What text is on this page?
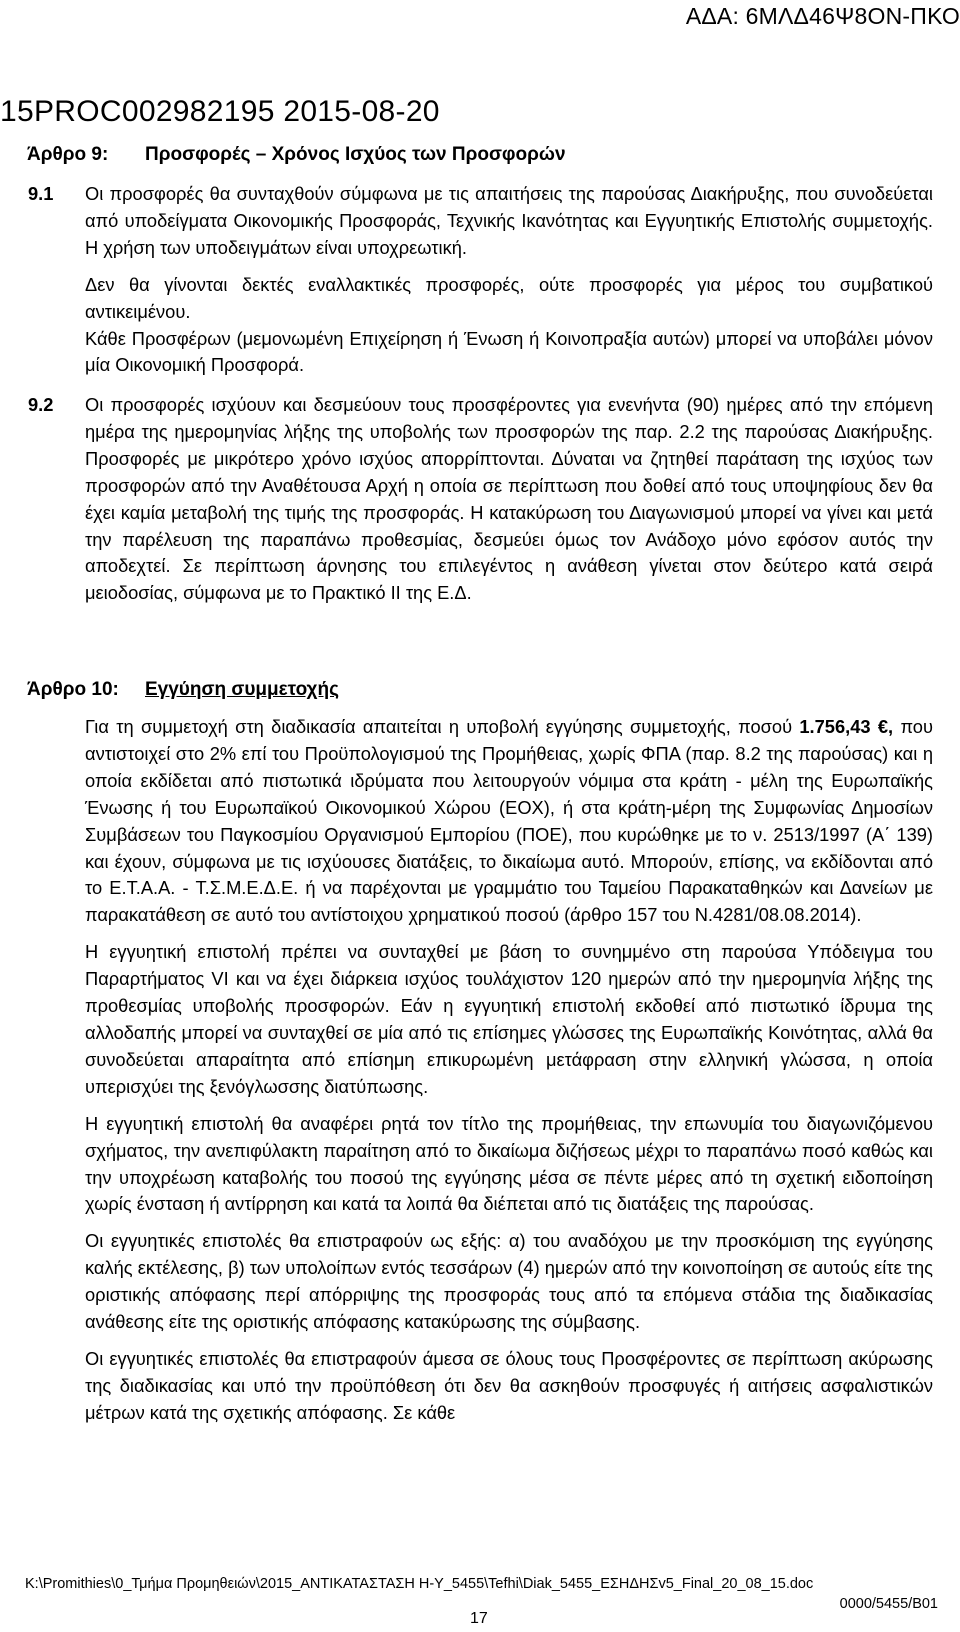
ΑΔΑ: 6ΜΛΔ46Ψ8ΟΝ-ΠΚΟ
15PROC002982195 2015-08-20
Άρθρο 9: Προσφορές – Χρόνος Ισχύος των Προσφορών
9.1 Οι προσφορές θα συνταχθούν σύμφωνα με τις απαιτήσεις της παρούσας Διακήρυξης, που συνοδεύεται από υποδείγματα Οικονομικής Προσφοράς, Τεχνικής Ικανότητας και Εγγυητικής Επιστολής συμμετοχής. Η χρήση των υποδειγμάτων είναι υποχρεωτική.

Δεν θα γίνονται δεκτές εναλλακτικές προσφορές, ούτε προσφορές για μέρος του συμβατικού αντικειμένου.

Κάθε Προσφέρων (μεμονωμένη Επιχείρηση ή Ένωση ή Κοινοπραξία αυτών) μπορεί να υποβάλει μόνον μία Οικονομική Προσφορά.

9.2 Οι προσφορές ισχύουν και δεσμεύουν τους προσφέροντες για ενενήντα (90) ημέρες από την επόμενη ημέρα της ημερομηνίας λήξης της υποβολής των προσφορών της παρ. 2.2 της παρούσας Διακήρυξης. Προσφορές με μικρότερο χρόνο ισχύος απορρίπτονται. Δύναται να ζητηθεί παράταση της ισχύος των προσφορών από την Αναθέτουσα Αρχή η οποία σε περίπτωση που δοθεί από τους υποψηφίους δεν θα έχει καμία μεταβολή της τιμής της προσφοράς. Η κατακύρωση του Διαγωνισμού μπορεί να γίνει και μετά την παρέλευση της παραπάνω προθεσμίας, δεσμεύει όμως τον Ανάδοχο μόνο εφόσον αυτός την αποδεχτεί. Σε περίπτωση άρνησης του επιλεγέντος η ανάθεση γίνεται στον δεύτερο κατά σειρά μειοδοσίας, σύμφωνα με το Πρακτικό ΙΙ της Ε.Δ.

Άρθρο 10: Εγγύηση συμμετοχής

Για τη συμμετοχή στη διαδικασία απαιτείται η υποβολή εγγύησης συμμετοχής, ποσού 1.756,43 €, που αντιστοιχεί στο 2% επί του Προϋπολογισμού της Προμήθειας, χωρίς ΦΠΑ (παρ. 8.2 της παρούσας) και η οποία εκδίδεται από πιστωτικά ιδρύματα που λειτουργούν νόμιμα στα κράτη - μέλη της Ευρωπαϊκής Ένωσης ή του Ευρωπαϊκού Οικονομικού Χώρου (ΕΟΧ), ή στα κράτη-μέρη της Συμφωνίας Δημοσίων Συμβάσεων του Παγκοσμίου Οργανισμού Εμπορίου (ΠΟΕ), που κυρώθηκε με το ν. 2513/1997 (Α΄ 139) και έχουν, σύμφωνα με τις ισχύουσες διατάξεις, το δικαίωμα αυτό. Μπορούν, επίσης, να εκδίδονται από το Ε.Τ.Α.Α. - Τ.Σ.Μ.Ε.Δ.Ε. ή να παρέχονται με γραμμάτιο του Ταμείου Παρακαταθηκών και Δανείων με παρακατάθεση σε αυτό του αντίστοιχου χρηματικού ποσού (άρθρο 157 του Ν.4281/08.08.2014).

Η εγγυητική επιστολή πρέπει να συνταχθεί με βάση το συνημμένο στη παρούσα Υπόδειγμα του Παραρτήματος VI και να έχει διάρκεια ισχύος τουλάχιστον 120 ημερών από την ημερομηνία λήξης της προθεσμίας υποβολής προσφορών. Εάν η εγγυητική επιστολή εκδοθεί από πιστωτικό ίδρυμα της αλλοδαπής μπορεί να συνταχθεί σε μία από τις επίσημες γλώσσες της Ευρωπαϊκής Κοινότητας, αλλά θα συνοδεύεται απαραίτητα από επίσημη επικυρωμένη μετάφραση στην ελληνική γλώσσα, η οποία υπερισχύει της ξενόγλωσσης διατύπωσης.

Η εγγυητική επιστολή θα αναφέρει ρητά τον τίτλο της προμήθειας, την επωνυμία του διαγωνιζόμενου σχήματος, την ανεπιφύλακτη παραίτηση από το δικαίωμα διζήσεως μέχρι το παραπάνω ποσό καθώς και την υποχρέωση καταβολής του ποσού της εγγύησης μέσα σε πέντε μέρες από τη σχετική ειδοποίηση χωρίς ένσταση ή αντίρρηση και κατά τα λοιπά θα διέπεται από τις διατάξεις της παρούσας.

Οι εγγυητικές επιστολές θα επιστραφούν ως εξής: α) του αναδόχου με την προσκόμιση της εγγύησης καλής εκτέλεσης, β) των υπολοίπων εντός τεσσάρων (4) ημερών από την κοινοποίηση σε αυτούς είτε της οριστικής απόφασης περί απόρριψης της προσφοράς τους από τα επόμενα στάδια της διαδικασίας ανάθεσης είτε της οριστικής απόφασης κατακύρωσης της σύμβασης.

Οι εγγυητικές επιστολές θα επιστραφούν άμεσα σε όλους τους Προσφέροντες σε περίπτωση ακύρωσης της διαδικασίας και υπό την προϋπόθεση ότι δεν θα ασκηθούν προσφυγές ή αιτήσεις ασφαλιστικών μέτρων κατά της σχετικής απόφασης. Σε κάθε

K:\Promithies\0_Τμήμα Προμηθειών\2015_ΑΝΤΙΚΑΤΑΣΤΑΣΗ Η-Υ_5455\Tefhi\Diak_5455_ΕΣΗΔΗΣv5_Final_20_08_15.doc
0000/5455/Β01
17
